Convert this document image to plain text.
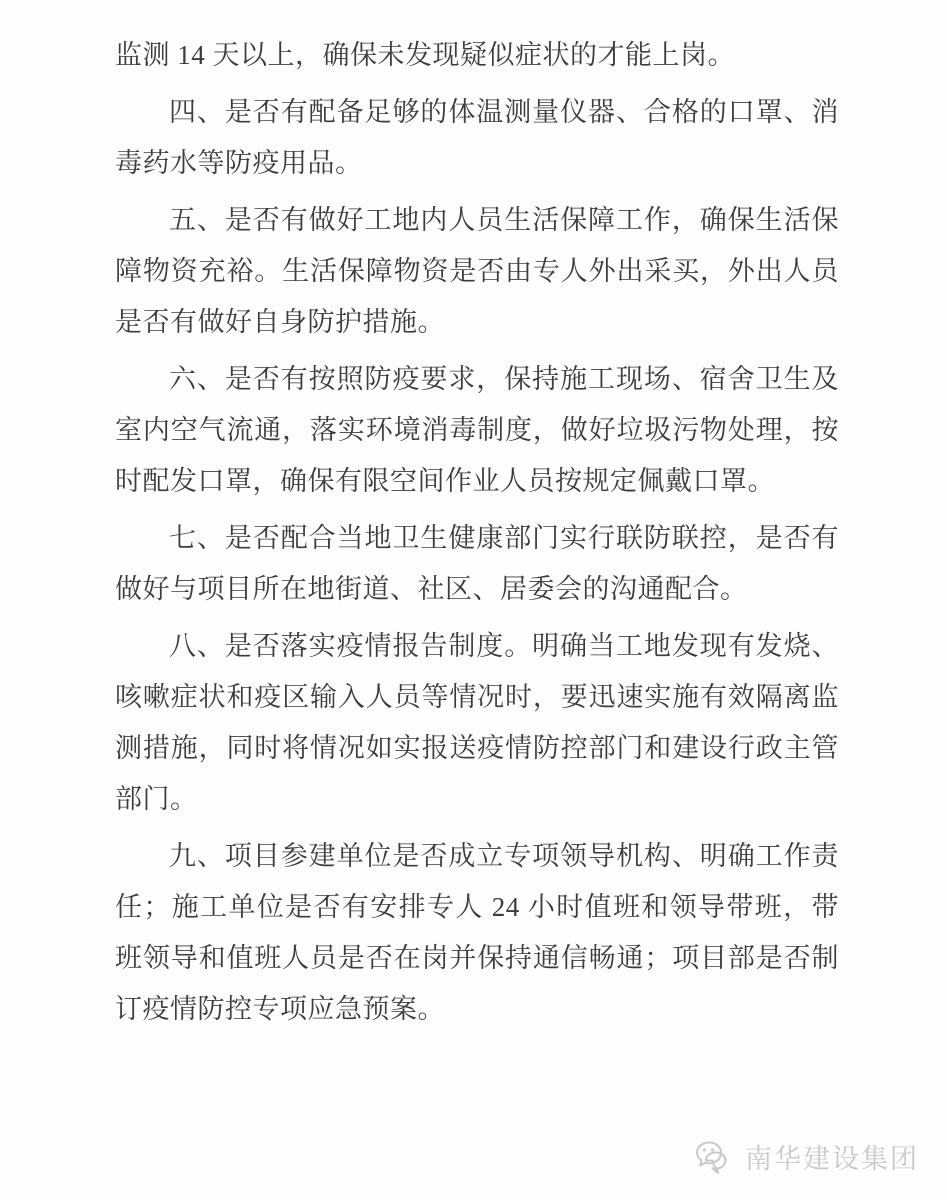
监测 14 天以上，确保未发现疑似症状的才能上岗。

四、是否有配备足够的体温测量仪器、合格的口罩、消毒药水等防疫用品。

五、是否有做好工地内人员生活保障工作，确保生活保障物资充裕。生活保障物资是否由专人外出采买，外出人员是否有做好自身防护措施。

六、是否有按照防疫要求，保持施工现场、宿舍卫生及室内空气流通，落实环境消毒制度，做好垃圾污物处理，按时配发口罩，确保有限空间作业人员按规定佩戴口罩。

七、是否配合当地卫生健康部门实行联防联控，是否有做好与项目所在地街道、社区、居委会的沟通配合。

八、是否落实疫情报告制度。明确当工地发现有发烧、咳嗽症状和疫区输入人员等情况时，要迅速实施有效隔离监测措施，同时将情况如实报送疫情防控部门和建设行政主管部门。

九、项目参建单位是否成立专项领导机构、明确工作责任；施工单位是否有安排专人 24 小时值班和领导带班，带班领导和值班人员是否在岗并保持通信畅通；项目部是否制订疫情防控专项应急预案。

南华建设集团
